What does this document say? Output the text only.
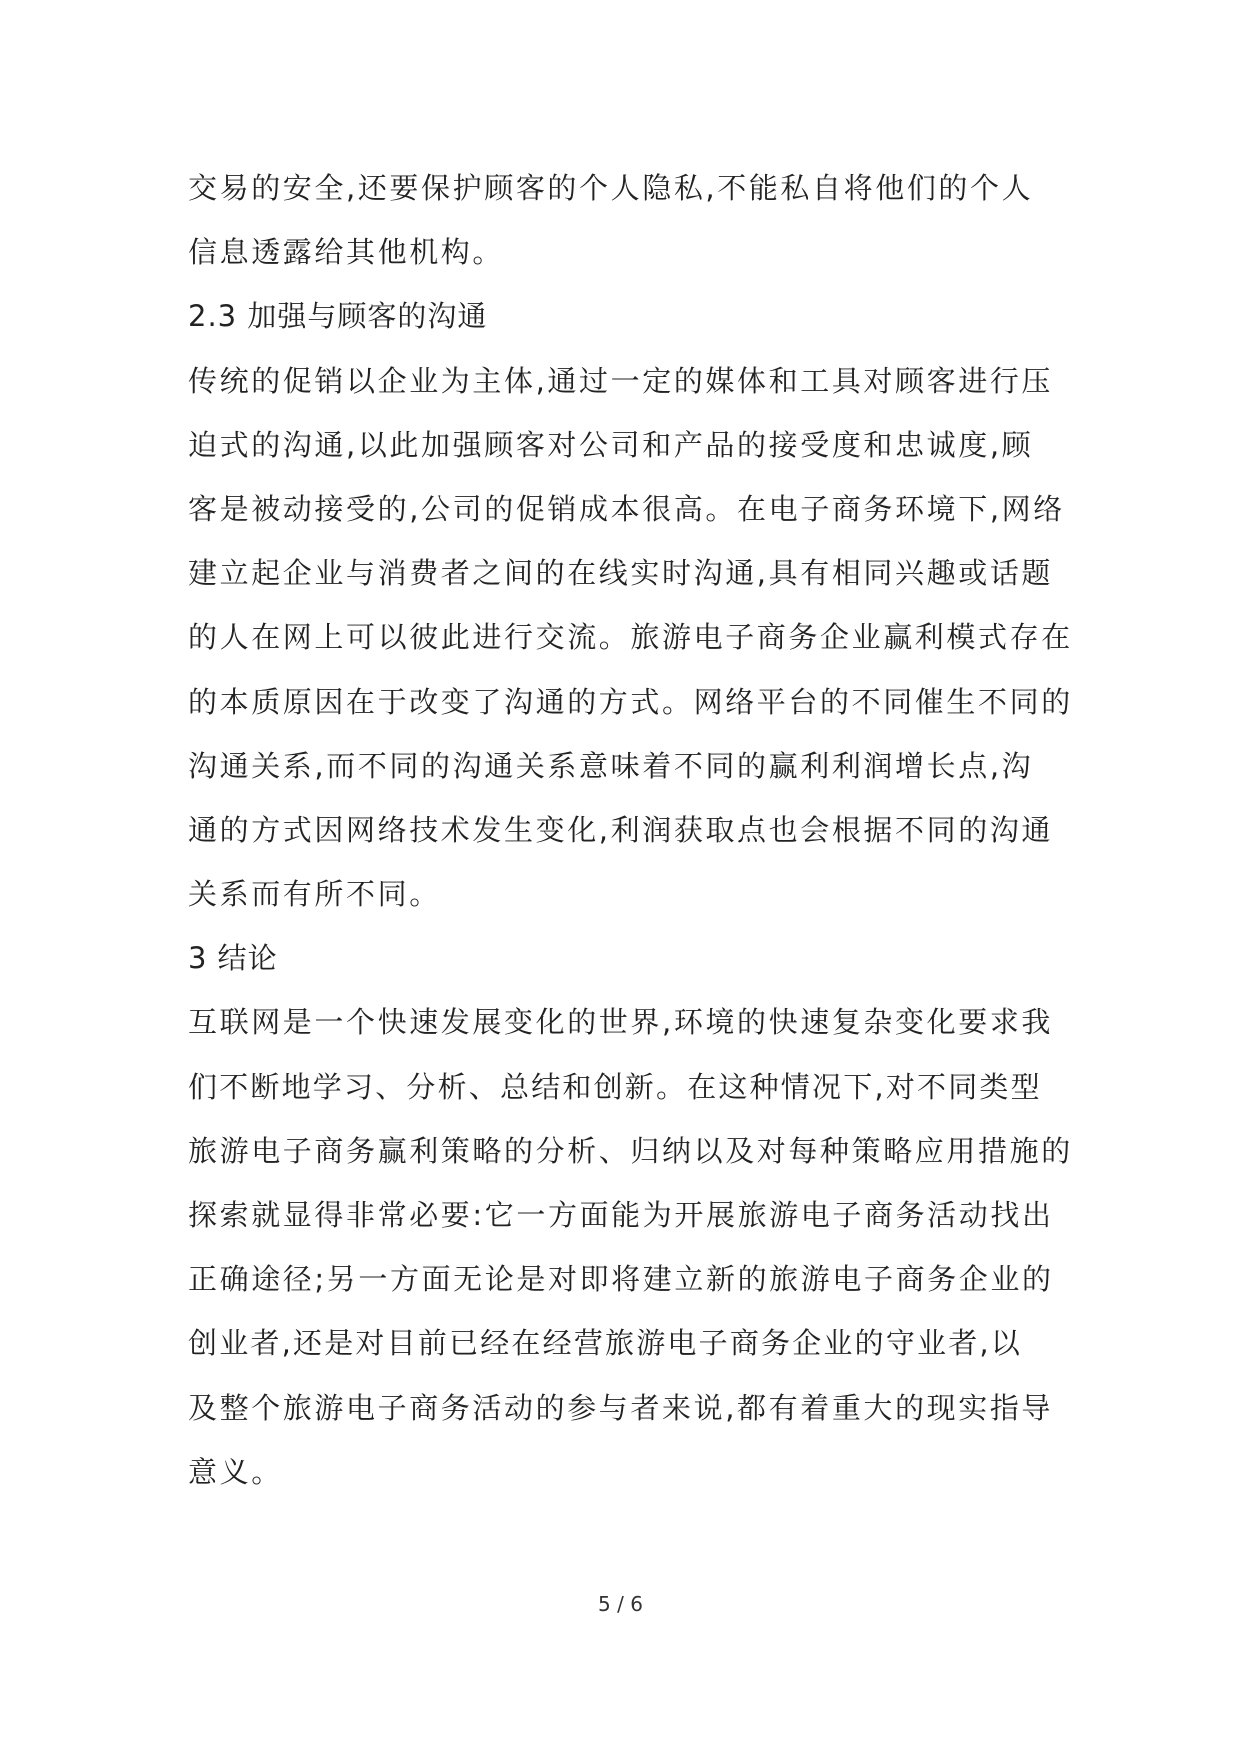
交易的安全,还要保护顾客的个人隐私,不能私自将他们的个人
信息透露给其他机构。
2.3 加强与顾客的沟通
传统的促销以企业为主体,通过一定的媒体和工具对顾客进行压
迫式的沟通,以此加强顾客对公司和产品的接受度和忠诚度,顾
客是被动接受的,公司的促销成本很高。在电子商务环境下,网络
建立起企业与消费者之间的在线实时沟通,具有相同兴趣或话题
的人在网上可以彼此进行交流。旅游电子商务企业赢利模式存在
的本质原因在于改变了沟通的方式。网络平台的不同催生不同的
沟通关系,而不同的沟通关系意味着不同的赢利利润增长点,沟
通的方式因网络技术发生变化,利润获取点也会根据不同的沟通
关系而有所不同。
3 结论
互联网是一个快速发展变化的世界,环境的快速复杂变化要求我
们不断地学习、分析、总结和创新。在这种情况下,对不同类型
旅游电子商务赢利策略的分析、归纳以及对每种策略应用措施的
探索就显得非常必要:它一方面能为开展旅游电子商务活动找出
正确途径;另一方面无论是对即将建立新的旅游电子商务企业的
创业者,还是对目前已经在经营旅游电子商务企业的守业者,以
及整个旅游电子商务活动的参与者来说,都有着重大的现实指导
意义。
5 / 6
